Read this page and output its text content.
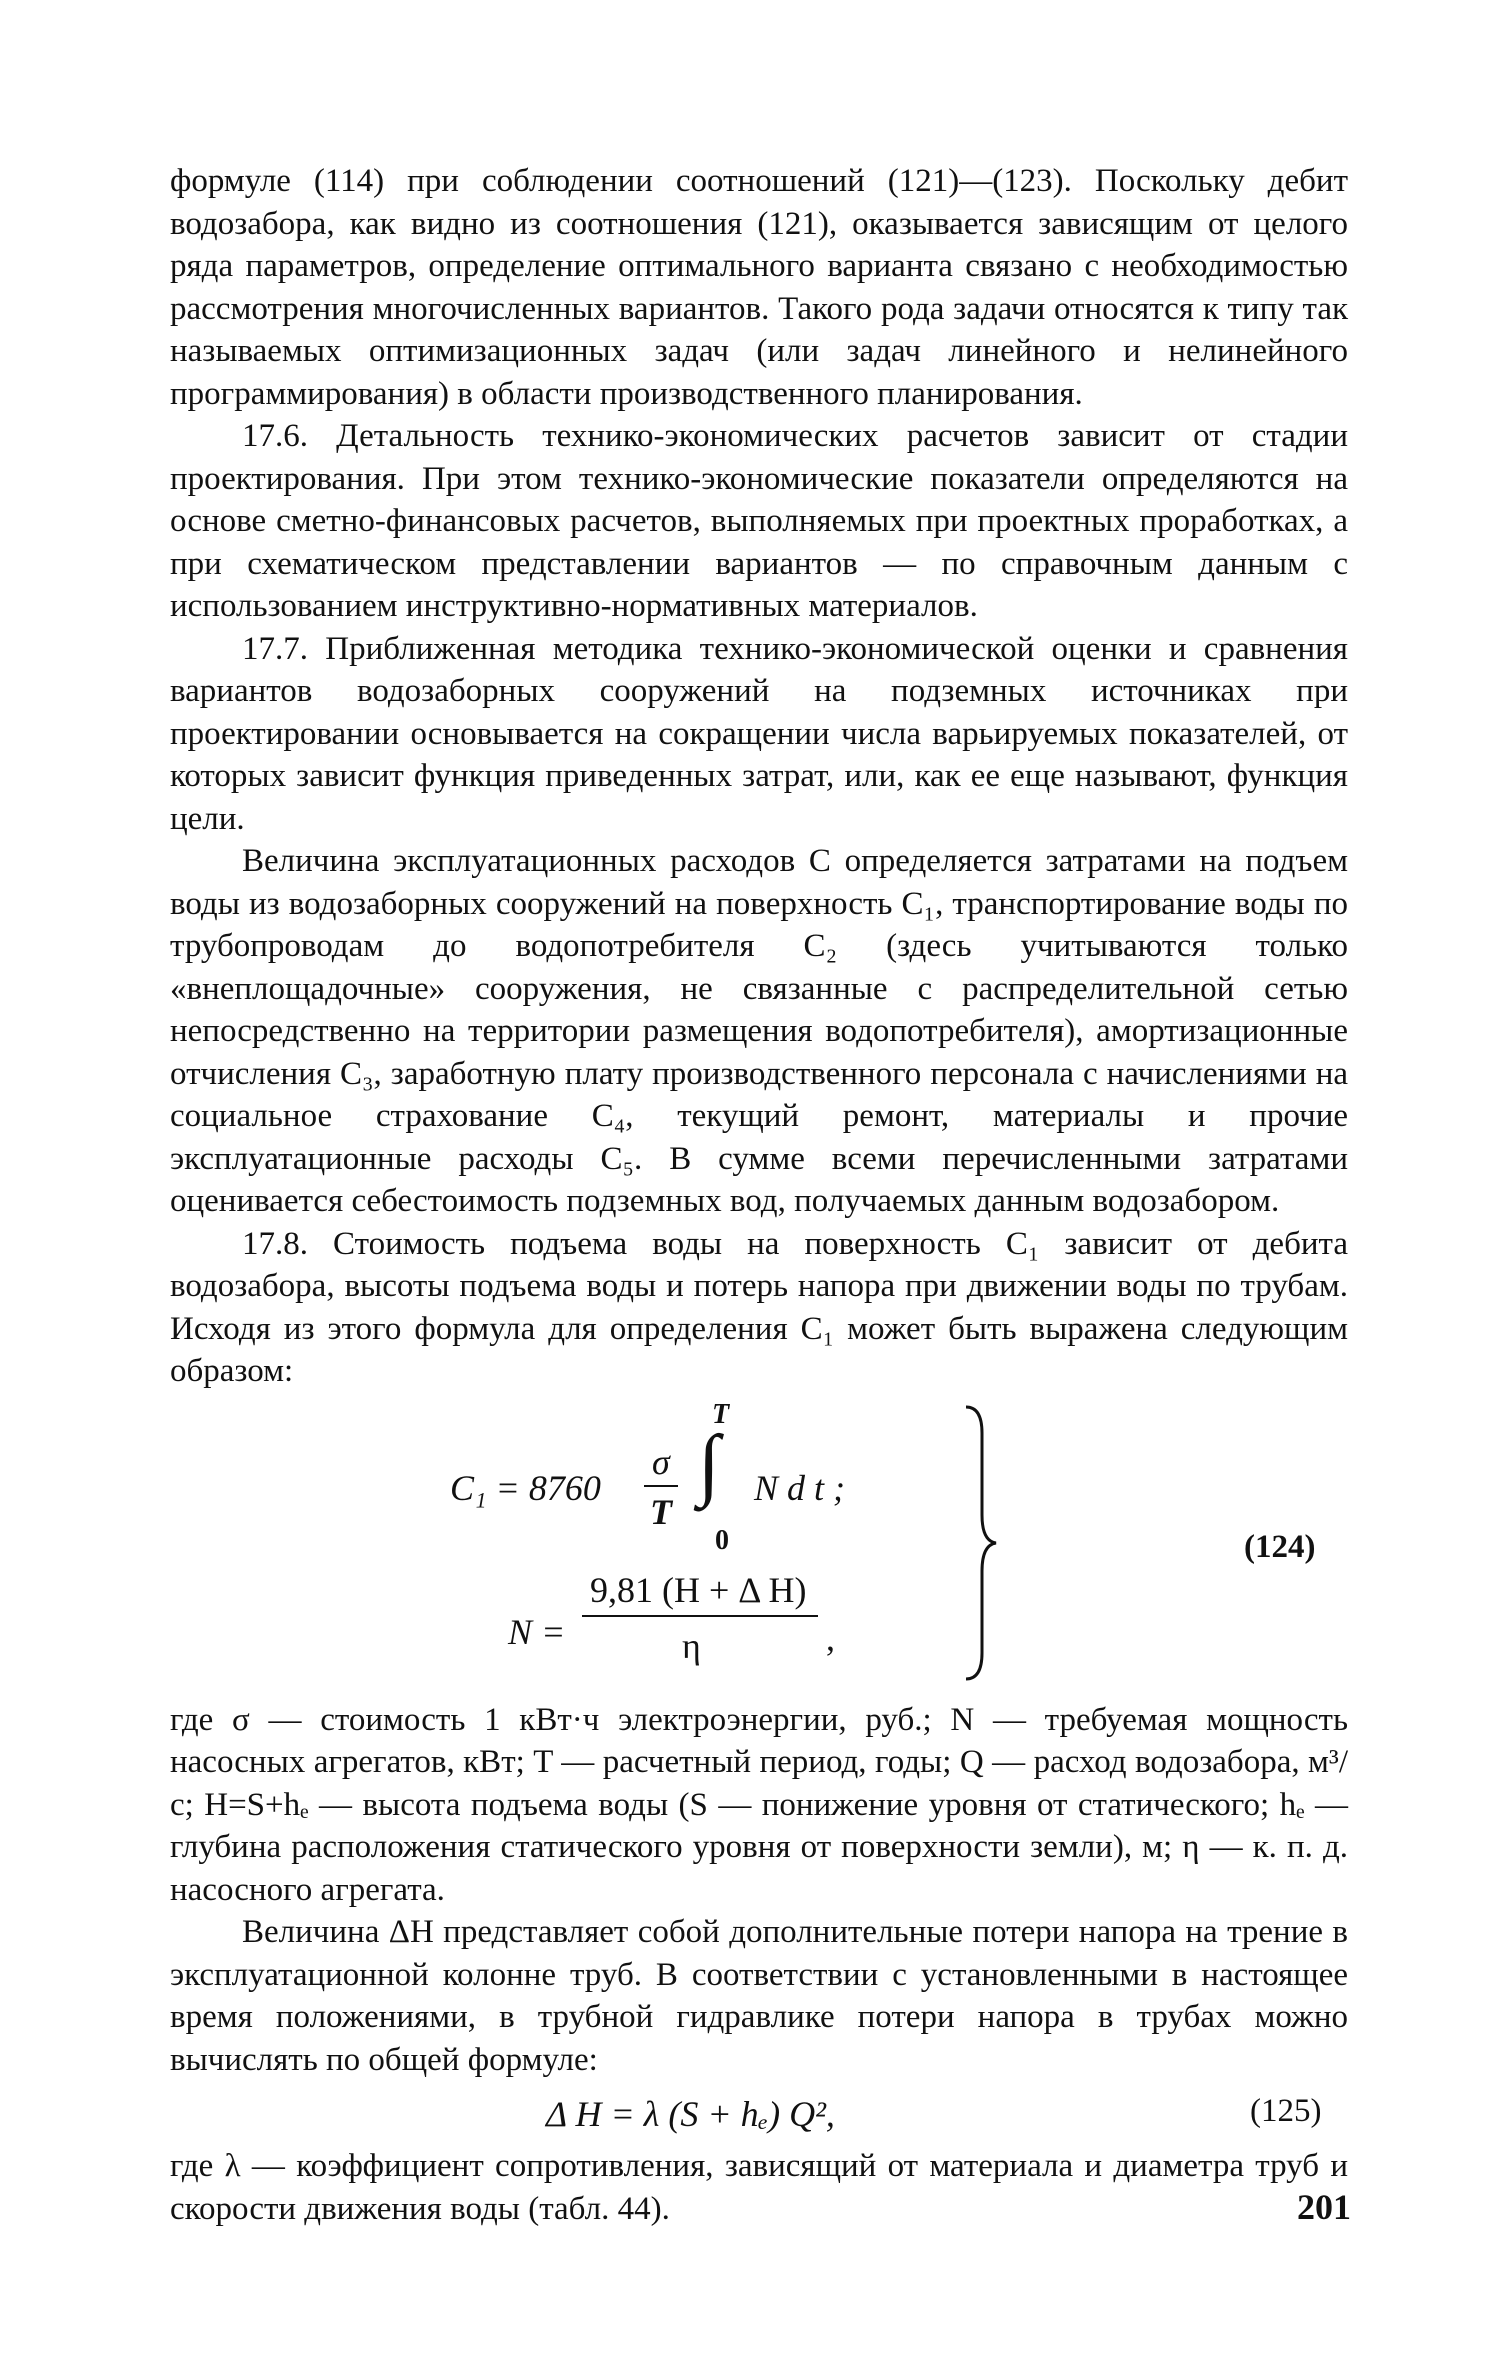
формуле (114) при соблюдении соотношений (121)—(123). Поскольку дебит водозабора, как видно из соотношения (121), оказывается зависящим от целого ряда параметров, определение оптимального варианта связано с необходимостью рассмотрения многочисленных вариантов. Такого рода задачи относятся к типу так называемых оптимизационных задач (или задач линейного и нелинейного программирования) в области производственного планирования.

17.6. Детальность технико-экономических расчетов зависит от стадии проектирования. При этом технико-экономические показатели определяются на основе сметно-финансовых расчетов, выполняемых при проектных проработках, а при схематическом представлении вариантов — по справочным данным с использованием инструктивно-нормативных материалов.

17.7. Приближенная методика технико-экономической оценки и сравнения вариантов водозаборных сооружений на подземных источниках при проектировании основывается на сокращении числа варьируемых показателей, от которых зависит функция приведенных затрат, или, как ее еще называют, функция цели.

Величина эксплуатационных расходов C определяется затратами на подъем воды из водозаборных сооружений на поверхность C₁, транспортирование воды по трубопроводам до водопотребителя C₂ (здесь учитываются только «внеплощадочные» сооружения, не связанные с распределительной сетью непосредственно на территории размещения водопотребителя), амортизационные отчисления C₃, заработную плату производственного персонала с начислениями на социальное страхование C₄, текущий ремонт, материалы и прочие эксплуатационные расходы C₅. В сумме всеми перечисленными затратами оценивается себестоимость подземных вод, получаемых данным водозабором.

17.8. Стоимость подъема воды на поверхность C₁ зависит от дебита водозабора, высоты подъема воды и потерь напора при движении воды по трубам. Исходя из этого формула для определения C₁ может быть выражена следующим образом:

C₁ = 8760
σ
T
T
∫
0
N d t ;
N =
9,81 (H + Δ H)
η	,
(124)

где σ — стоимость 1 кВт·ч электроэнергии, руб.; N — требуемая мощность насосных агрегатов, кВт; T — расчетный период, годы; Q — расход водозабора, м³/с; H=S+hₑ — высота подъема воды (S — понижение уровня от статического; hₑ — глубина расположения статического уровня от поверхности земли), м; η — к. п. д. насосного агрегата.

Величина ΔH представляет собой дополнительные потери напора на трение в эксплуатационной колонне труб. В соответствии с установленными в настоящее время положениями, в трубной гидравлике потери напора в трубах можно вычислять по общей формуле:

Δ H = λ (S + hₑ) Q²,	(125)

где λ — коэффициент сопротивления, зависящий от материала и диаметра труб и скорости движения воды (табл. 44).	201
